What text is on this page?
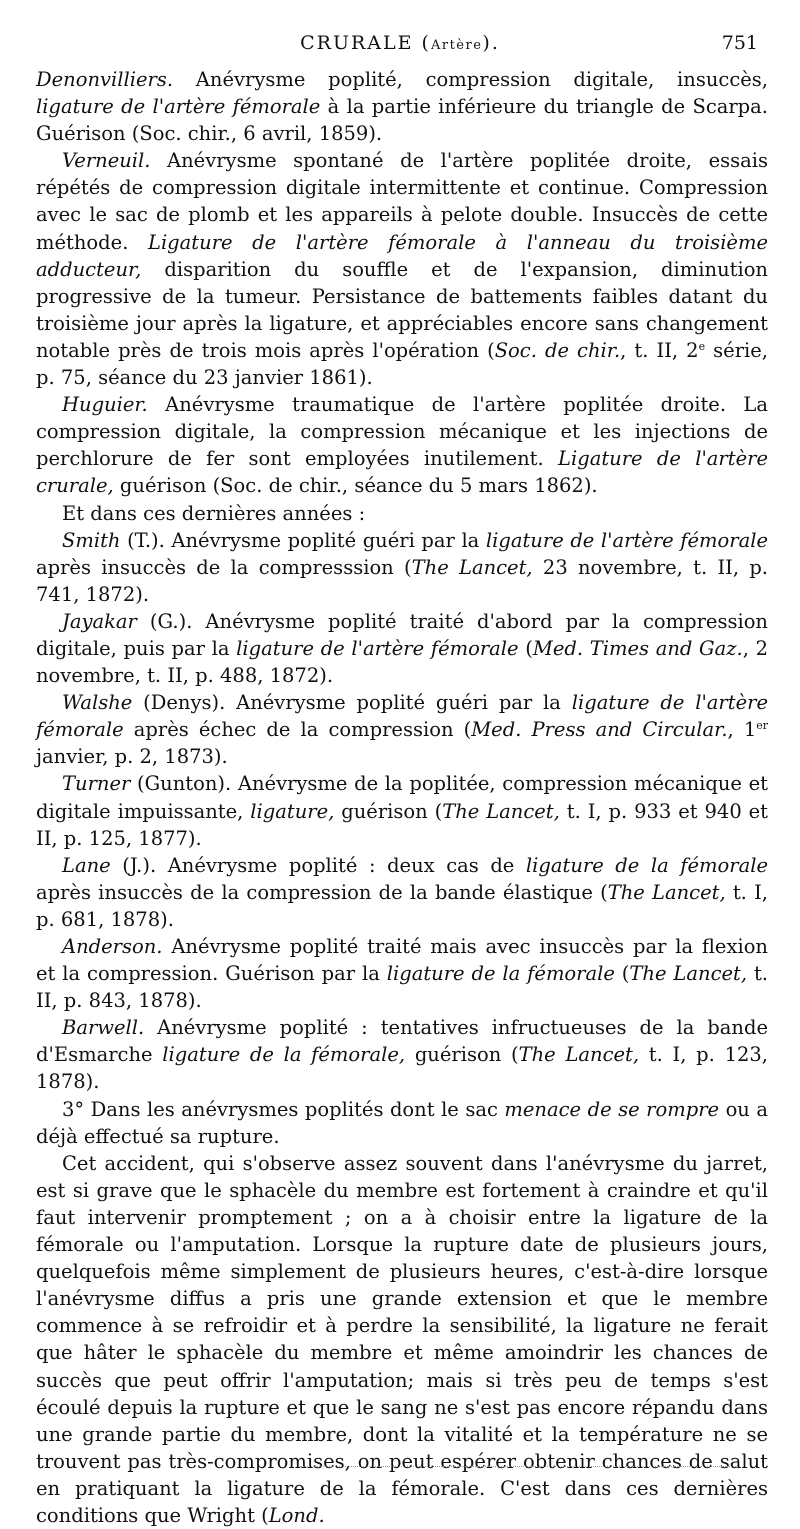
CRURALE (Artère).	751

Denonvilliers. Anévrysme poplité, compression digitale, insuccès, ligature de l'artère fémorale à la partie inférieure du triangle de Scarpa. Guérison (Soc. chir., 6 avril, 1859).

Verneuil. Anévrysme spontané de l'artère poplitée droite, essais répétés de compression digitale intermittente et continue. Compression avec le sac de plomb et les appareils à pelote double. Insuccès de cette méthode. Ligature de l'artère fémorale à l'anneau du troisième adducteur, disparition du souffle et de l'expansion, diminution progressive de la tumeur. Persistance de battements faibles datant du troisième jour après la ligature, et appréciables encore sans changement notable près de trois mois après l'opération (Soc. de chir., t. II, 2e série, p. 75, séance du 23 janvier 1861).

Huguier. Anévrysme traumatique de l'artère poplitée droite. La compression digitale, la compression mécanique et les injections de perchlorure de fer sont employées inutilement. Ligature de l'artère crurale, guérison (Soc. de chir., séance du 5 mars 1862).

Et dans ces dernières années :

Smith (T.). Anévrysme poplité guéri par la ligature de l'artère fémorale après insuccès de la compresssion (The Lancet, 23 novembre, t. II, p. 741, 1872).

Jayakar (G.). Anévrysme poplité traité d'abord par la compression digitale, puis par la ligature de l'artère fémorale (Med. Times and Gaz., 2 novembre, t. II, p. 488, 1872).

Walshe (Denys). Anévrysme poplité guéri par la ligature de l'artère fémorale après échec de la compression (Med. Press and Circular., 1er janvier, p. 2, 1873).

Turner (Gunton). Anévrysme de la poplitée, compression mécanique et digitale impuissante, ligature, guérison (The Lancet, t. I, p. 933 et 940 et II, p. 125, 1877).

Lane (J.). Anévrysme poplité : deux cas de ligature de la fémorale après insuccès de la compression de la bande élastique (The Lancet, t. I, p. 681, 1878).

Anderson. Anévrysme poplité traité mais avec insuccès par la flexion et la compression. Guérison par la ligature de la fémorale (The Lancet, t. II, p. 843, 1878).

Barwell. Anévrysme poplité : tentatives infructueuses de la bande d'Esmarche ligature de la fémorale, guérison (The Lancet, t. I, p. 123, 1878).

3° Dans les anévrysmes poplités dont le sac menace de se rompre ou a déjà effectué sa rupture.

Cet accident, qui s'observe assez souvent dans l'anévrysme du jarret, est si grave que le sphacèle du membre est fortement à craindre et qu'il faut intervenir promptement ; on a à choisir entre la ligature de la fémorale ou l'amputation. Lorsque la rupture date de plusieurs jours, quelquefois même simplement de plusieurs heures, c'est-à-dire lorsque l'anévrysme diffus a pris une grande extension et que le membre commence à se refroidir et à perdre la sensibilité, la ligature ne ferait que hâter le sphacèle du membre et même amoindrir les chances de succès que peut offrir l'amputation; mais si très peu de temps s'est écoulé depuis la rupture et que le sang ne s'est pas encore répandu dans une grande partie du membre, dont la vitalité et la température ne se trouvent pas très-compromises, on peut espérer obtenir chances de salut en pratiquant la ligature de la fémorale. C'est dans ces dernières conditions que Wright (Lond.
